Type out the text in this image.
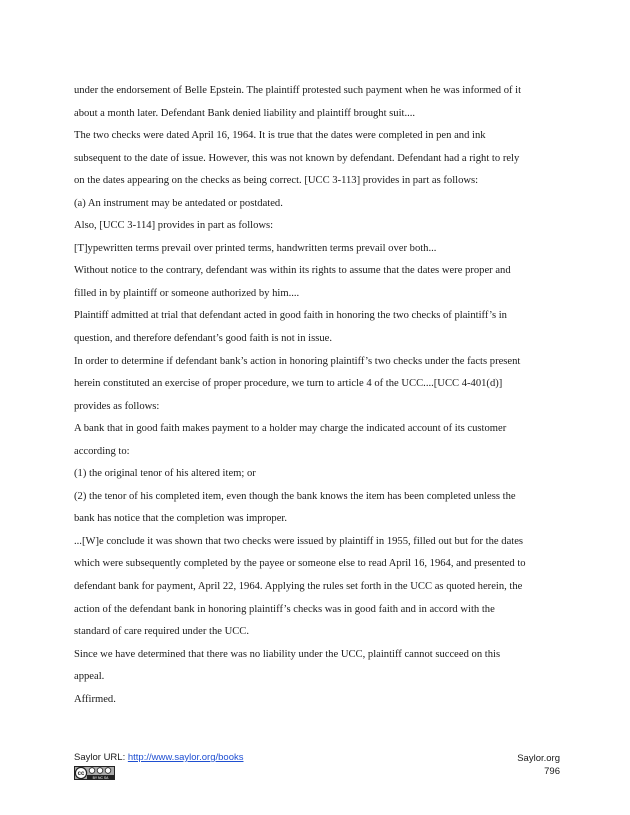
under the endorsement of Belle Epstein. The plaintiff protested such payment when he was informed of it
about a month later. Defendant Bank denied liability and plaintiff brought suit....
The two checks were dated April 16, 1964. It is true that the dates were completed in pen and ink
subsequent to the date of issue. However, this was not known by defendant. Defendant had a right to rely
on the dates appearing on the checks as being correct. [UCC 3-113] provides in part as follows:
(a) An instrument may be antedated or postdated.
Also, [UCC 3-114] provides in part as follows:
[T]ypewritten terms prevail over printed terms, handwritten terms prevail over both...
Without notice to the contrary, defendant was within its rights to assume that the dates were proper and
filled in by plaintiff or someone authorized by him....
Plaintiff admitted at trial that defendant acted in good faith in honoring the two checks of plaintiff’s in
question, and therefore defendant’s good faith is not in issue.
In order to determine if defendant bank’s action in honoring plaintiff’s two checks under the facts present
herein constituted an exercise of proper procedure, we turn to article 4 of the UCC....[UCC 4-401(d)]
provides as follows:
A bank that in good faith makes payment to a holder may charge the indicated account of its customer
according to:
(1) the original tenor of his altered item; or
(2) the tenor of his completed item, even though the bank knows the item has been completed unless the
bank has notice that the completion was improper.
...[W]e conclude it was shown that two checks were issued by plaintiff in 1955, filled out but for the dates
which were subsequently completed by the payee or someone else to read April 16, 1964, and presented to
defendant bank for payment, April 22, 1964. Applying the rules set forth in the UCC as quoted herein, the
action of the defendant bank in honoring plaintiff’s checks was in good faith and in accord with the
standard of care required under the UCC.
Since we have determined that there was no liability under the UCC, plaintiff cannot succeed on this
appeal.
Affirmed.
Saylor URL: http://www.saylor.org/books
cc
BY NC SA
Saylor.org
796
